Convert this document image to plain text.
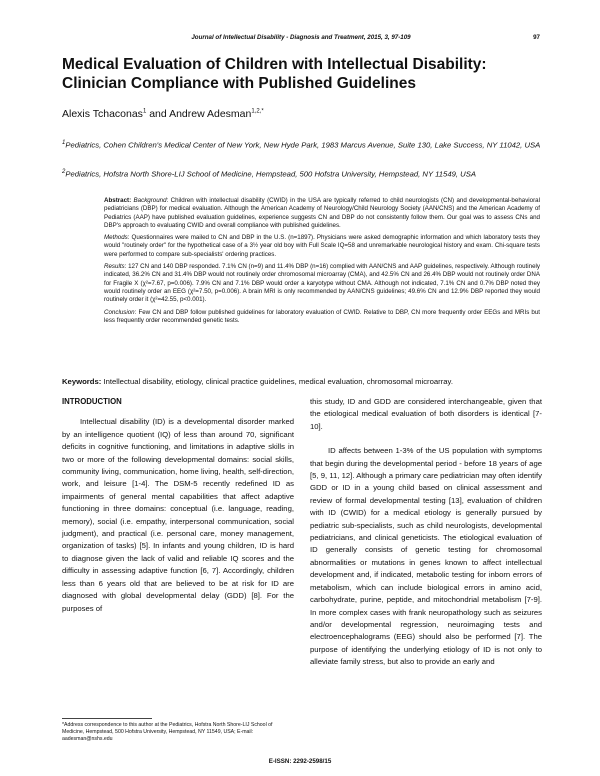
Journal of Intellectual Disability - Diagnosis and Treatment, 2015, 3, 97-109	97
Medical Evaluation of Children with Intellectual Disability: Clinician Compliance with Published Guidelines
Alexis Tchaconas$^1$ and Andrew Adesman$^{1,2,*}$
$^1$Pediatrics, Cohen Children's Medical Center of New York, New Hyde Park, 1983 Marcus Avenue, Suite 130, Lake Success, NY 11042, USA
$^2$Pediatrics, Hofstra North Shore-LIJ School of Medicine, Hempstead, 500 Hofstra University, Hempstead, NY 11549, USA

Abstract: Background: Children with intellectual disability (CWID) in the USA are typically referred to child neurologists (CN) and developmental-behavioral pediatricians (DBP) for medical evaluation. Although the American Academy of Neurology/Child Neurology Society (AAN/CNS) and the American Academy of Pediatrics (AAP) have published evaluation guidelines, experience suggests CN and DBP do not consistently follow them. Our goal was to assess CNs and DBP's approach to evaluating CWID and overall compliance with published guidelines.

Methods: Questionnaires were mailed to CN and DBP in the U.S. (n=1897). Physicians were asked demographic information and which laboratory tests they would "routinely order" for the hypothetical case of a 3½ year old boy with Full Scale IQ=58 and unremarkable neurological history and exam. Chi-square tests were performed to compare sub-specialists' ordering practices.

Results: 127 CN and 140 DBP responded. 7.1% CN (n=9) and 11.4% DBP (n=16) complied with AAN/CNS and AAP guidelines, respectively. Although routinely indicated, 36.2% CN and 31.4% DBP would not routinely order chromosomal microarray (CMA), and 42.5% CN and 26.4% DBP would not routinely order DNA for Fragile X (χ²=7.67, p=0.006). 7.9% CN and 7.1% DBP would order a karyotype without CMA. Although not indicated, 7.1% CN and 0.7% DBP noted they would routinely order an EEG (χ²=7.50, p=0.006). A brain MRI is only recommended by AAN/CNS guidelines; 49.6% CN and 12.9% DBP reported they would routinely order it (χ²=42.55, p<0.001).

Conclusion: Few CN and DBP follow published guidelines for laboratory evaluation of CWID. Relative to DBP, CN more frequently order EEGs and MRIs but less frequently order recommended genetic tests.

Keywords: Intellectual disability, etiology, clinical practice guidelines, medical evaluation, chromosomal microarray.
INTRODUCTION

Intellectual disability (ID) is a developmental disorder marked by an intelligence quotient (IQ) of less than around 70, significant deficits in cognitive functioning, and limitations in adaptive skills in two or more of the following developmental domains: social skills, community living, communication, home living, health, self-direction, work, and leisure [1-4]. The DSM-5 recently redefined ID as impairments of general mental capabilities that affect adaptive functioning in three domains: conceptual (i.e. language, reading, memory), social (i.e. empathy, interpersonal communication, social judgment), and practical (i.e. personal care, money management, organization of tasks) [5]. In infants and young children, ID is hard to diagnose given the lack of valid and reliable IQ scores and the difficulty in assessing adaptive function [6, 7]. Accordingly, children less than 6 years old that are believed to be at risk for ID are diagnosed with global developmental delay (GDD) [8]. For the purposes of

this study, ID and GDD are considered interchangeable, given that the etiological medical evaluation of both disorders is identical [7-10].

ID affects between 1-3% of the US population with symptoms that begin during the developmental period - before 18 years of age [5, 9, 11, 12]. Although a primary care pediatrician may often identify GDD or ID in a young child based on clinical assessment and review of formal developmental testing [13], evaluation of children with ID (CWID) for a medical etiology is generally pursued by pediatric sub-specialists, such as child neurologists, developmental pediatricians, and clinical geneticists. The etiological evaluation of ID generally consists of genetic testing for chromosomal abnormalities or mutations in genes known to affect intellectual development and, if indicated, metabolic testing for inborn errors of metabolism, which can include biological errors in amino acid, carbohydrate, purine, peptide, and mitochondrial metabolism [7-9]. In more complex cases with frank neuropathology such as seizures and/or developmental regression, neuroimaging tests and electroencephalograms (EEG) should also be performed [7]. The purpose of identifying the underlying etiology of ID is not only to alleviate family stress, but also to provide an early and

*Address correspondence to this author at the Pediatrics, Hofstra North Shore-LIJ School of Medicine, Hempstead, 500 Hofstra University, Hempstead, NY 11549, USA; E-mail: aadesman@nshs.edu
E-ISSN: 2292-2598/15
